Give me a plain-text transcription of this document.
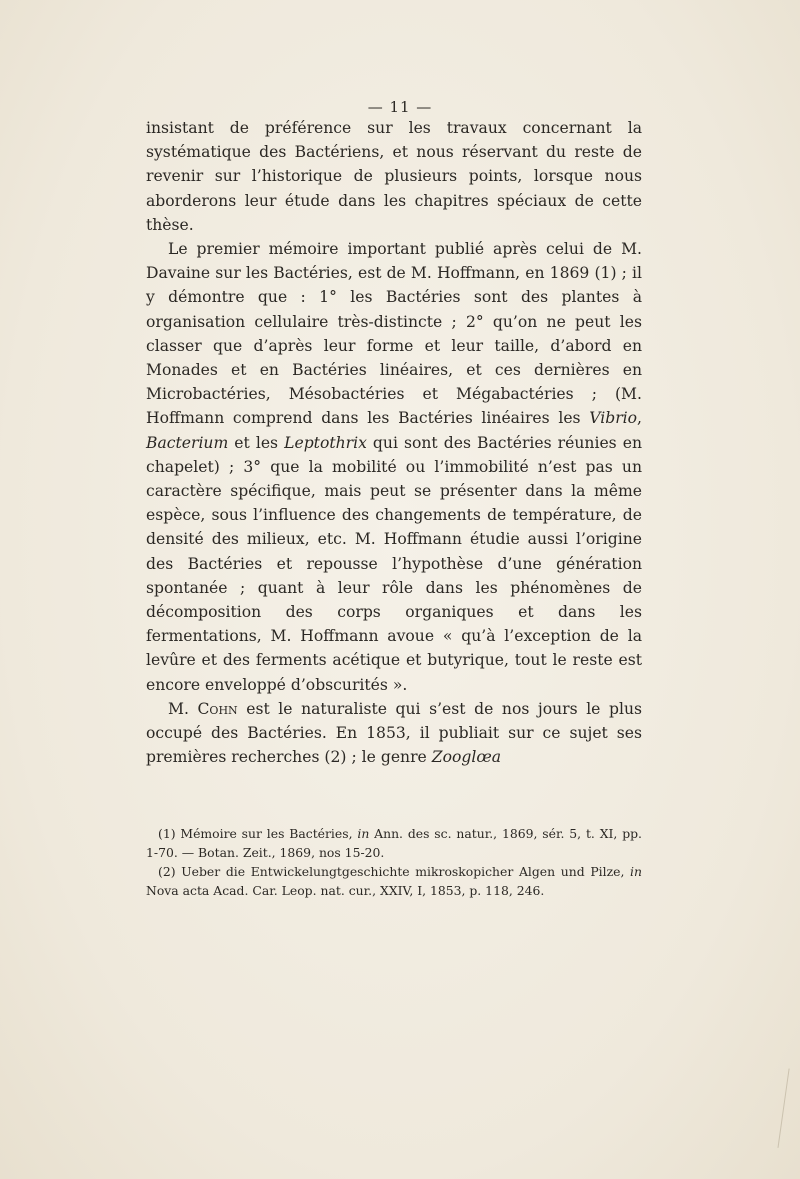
— 11 —

insistant de préférence sur les travaux concernant la systématique des Bactériens, et nous réservant du reste de revenir sur l’historique de plusieurs points, lorsque nous aborderons leur étude dans les chapitres spéciaux de cette thèse.

Le premier mémoire important publié après celui de M. Davaine sur les Bactéries, est de M. Hoffmann, en 1869 (1) ; il y démontre que : 1° les Bactéries sont des plantes à organisation cellulaire très-distincte ; 2° qu’on ne peut les classer que d’après leur forme et leur taille, d’abord en Monades et en Bactéries linéaires, et ces dernières en Microbactéries, Mésobactéries et Mégabactéries ; (M. Hoffmann comprend dans les Bactéries linéaires les Vibrio, Bacterium et les Leptothrix qui sont des Bactéries réunies en chapelet) ; 3° que la mobilité ou l’immobilité n’est pas un caractère spécifique, mais peut se présenter dans la même espèce, sous l’influence des changements de température, de densité des milieux, etc. M. Hoffmann étudie aussi l’origine des Bactéries et repousse l’hypothèse d’une génération spontanée ; quant à leur rôle dans les phénomènes de décomposition des corps organiques et dans les fermentations, M. Hoffmann avoue « qu’à l’exception de la levûre et des ferments acétique et butyrique, tout le reste est encore enveloppé d’obscurités ».

M. Cohn est le naturaliste qui s’est de nos jours le plus occupé des Bactéries. En 1853, il publiait sur ce sujet ses premières recherches (2) ; le genre Zooglœa

(1) Mémoire sur les Bactéries, in Ann. des sc. natur., 1869, sér. 5, t. XI, pp. 1-70. — Botan. Zeit., 1869, nos 15-20.

(2) Ueber die Entwickelungtgeschichte mikroskopicher Algen und Pilze, in Nova acta Acad. Car. Leop. nat. cur., XXIV, I, 1853, p. 118, 246.
